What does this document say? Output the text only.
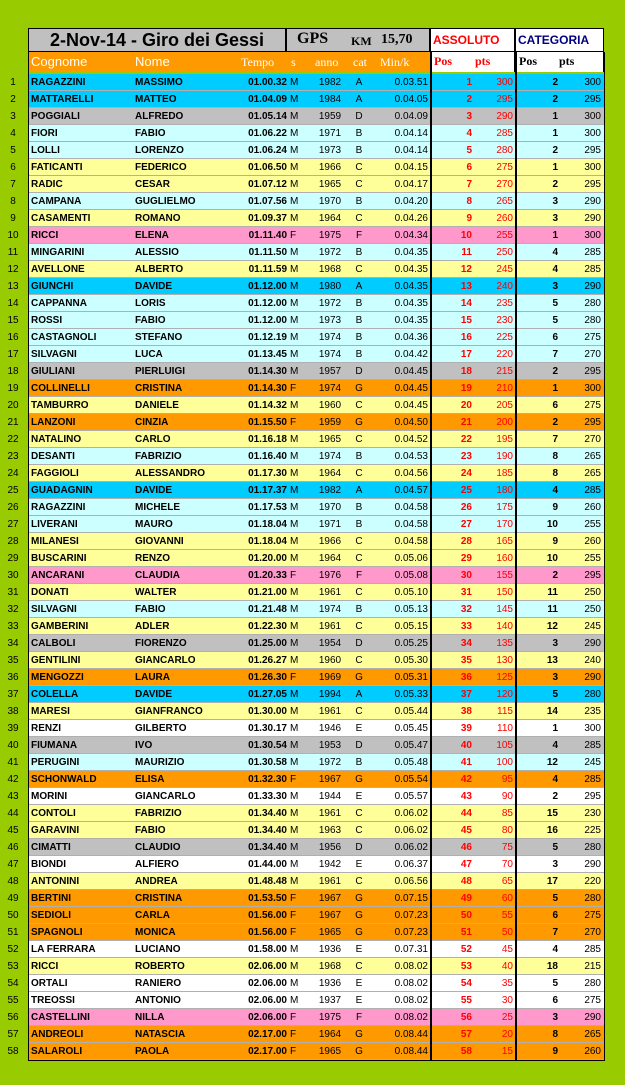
2-Nov-14 - Giro dei Gessi	GPS KM 15,70 ASSOLUTO CATEGORIA
Cognome	Nome	Tempo s anno cat Min/k Pos pts Pos pts
1	RAGAZZINI	MASSIMO	01.00.32 M	1982	A	0.03.51	1	300	2	300
2	MATTARELLI	MATTEO	01.04.09 M	1984	A	0.04.05	2	295	2	295
3	POGGIALI	ALFREDO	01.05.14 M	1959	D	0.04.09	3	290	1	300
4	FIORI	FABIO	01.06.22 M	1971	B	0.04.14	4	285	1	300
5	LOLLI	LORENZO	01.06.24 M	1973	B	0.04.14	5	280	2	295
6	FATICANTI	FEDERICO	01.06.50 M	1966	C	0.04.15	6	275	1	300
7	RADIC	CESAR	01.07.12 M	1965	C	0.04.17	7	270	2	295
8	CAMPANA	GUGLIELMO	01.07.56 M	1970	B	0.04.20	8	265	3	290
9	CASAMENTI	ROMANO	01.09.37 M	1964	C	0.04.26	9	260	3	290
10	RICCI	ELENA	01.11.40 F	1975	F	0.04.34	10	255	1	300
11	MINGARINI	ALESSIO	01.11.50 M	1972	B	0.04.35	11	250	4	285
12	AVELLONE	ALBERTO	01.11.59 M	1968	C	0.04.35	12	245	4	285
13	GIUNCHI	DAVIDE	01.12.00 M	1980	A	0.04.35	13	240	3	290
14	CAPPANNA	LORIS	01.12.00 M	1972	B	0.04.35	14	235	5	280
15	ROSSI	FABIO	01.12.00 M	1973	B	0.04.35	15	230	5	280
16	CASTAGNOLI	STEFANO	01.12.19 M	1974	B	0.04.36	16	225	6	275
17	SILVAGNI	LUCA	01.13.45 M	1974	B	0.04.42	17	220	7	270
18	GIULIANI	PIERLUIGI	01.14.30 M	1957	D	0.04.45	18	215	2	295
19	COLLINELLI	CRISTINA	01.14.30 F	1974	G	0.04.45	19	210	1	300
20	TAMBURRO	DANIELE	01.14.32 M	1960	C	0.04.45	20	205	6	275
21	LANZONI	CINZIA	01.15.50 F	1959	G	0.04.50	21	200	2	295
22	NATALINO	CARLO	01.16.18 M	1965	C	0.04.52	22	195	7	270
23	DESANTI	FABRIZIO	01.16.40 M	1974	B	0.04.53	23	190	8	265
24	FAGGIOLI	ALESSANDRO	01.17.30 M	1964	C	0.04.56	24	185	8	265
25	GUADAGNIN	DAVIDE	01.17.37 M	1982	A	0.04.57	25	180	4	285
26	RAGAZZINI	MICHELE	01.17.53 M	1970	B	0.04.58	26	175	9	260
27	LIVERANI	MAURO	01.18.04 M	1971	B	0.04.58	27	170	10	255
28	MILANESI	GIOVANNI	01.18.04 M	1966	C	0.04.58	28	165	9	260
29	BUSCARINI	RENZO	01.20.00 M	1964	C	0.05.06	29	160	10	255
30	ANCARANI	CLAUDIA	01.20.33 F	1976	F	0.05.08	30	155	2	295
31	DONATI	WALTER	01.21.00 M	1961	C	0.05.10	31	150	11	250
32	SILVAGNI	FABIO	01.21.48 M	1974	B	0.05.13	32	145	11	250
33	GAMBERINI	ADLER	01.22.30 M	1961	C	0.05.15	33	140	12	245
34	CALBOLI	FIORENZO	01.25.00 M	1954	D	0.05.25	34	135	3	290
35	GENTILINI	GIANCARLO	01.26.27 M	1960	C	0.05.30	35	130	13	240
36	MENGOZZI	LAURA	01.26.30 F	1969	G	0.05.31	36	125	3	290
37	COLELLA	DAVIDE	01.27.05 M	1994	A	0.05.33	37	120	5	280
38	MARESI	GIANFRANCO	01.30.00 M	1961	C	0.05.44	38	115	14	235
39	RENZI	GILBERTO	01.30.17 M	1946	E	0.05.45	39	110	1	300
40	FIUMANA	IVO	01.30.54 M	1953	D	0.05.47	40	105	4	285
41	PERUGINI	MAURIZIO	01.30.58 M	1972	B	0.05.48	41	100	12	245
42	SCHONWALD	ELISA	01.32.30 F	1967	G	0.05.54	42	95	4	285
43	MORINI	GIANCARLO	01.33.30 M	1944	E	0.05.57	43	90	2	295
44	CONTOLI	FABRIZIO	01.34.40 M	1961	C	0.06.02	44	85	15	230
45	GARAVINI	FABIO	01.34.40 M	1963	C	0.06.02	45	80	16	225
46	CIMATTI	CLAUDIO	01.34.40 M	1956	D	0.06.02	46	75	5	280
47	BIONDI	ALFIERO	01.44.00 M	1942	E	0.06.37	47	70	3	290
48	ANTONINI	ANDREA	01.48.48 M	1961	C	0.06.56	48	65	17	220
49	BERTINI	CRISTINA	01.53.50 F	1967	G	0.07.15	49	60	5	280
50	SEDIOLI	CARLA	01.56.00 F	1967	G	0.07.23	50	55	6	275
51	SPAGNOLI	MONICA	01.56.00 F	1965	G	0.07.23	51	50	7	270
52	LA FERRARA	LUCIANO	01.58.00 M	1936	E	0.07.31	52	45	4	285
53	RICCI	ROBERTO	02.06.00 M	1968	C	0.08.02	53	40	18	215
54	ORTALI	RANIERO	02.06.00 M	1936	E	0.08.02	54	35	5	280
55	TREOSSI	ANTONIO	02.06.00 M	1937	E	0.08.02	55	30	6	275
56	CASTELLINI	NILLA	02.06.00 F	1975	F	0.08.02	56	25	3	290
57	ANDREOLI	NATASCIA	02.17.00 F	1964	G	0.08.44	57	20	8	265
58	SALAROLI	PAOLA	02.17.00 F	1965	G	0.08.44	58	15	9	260
